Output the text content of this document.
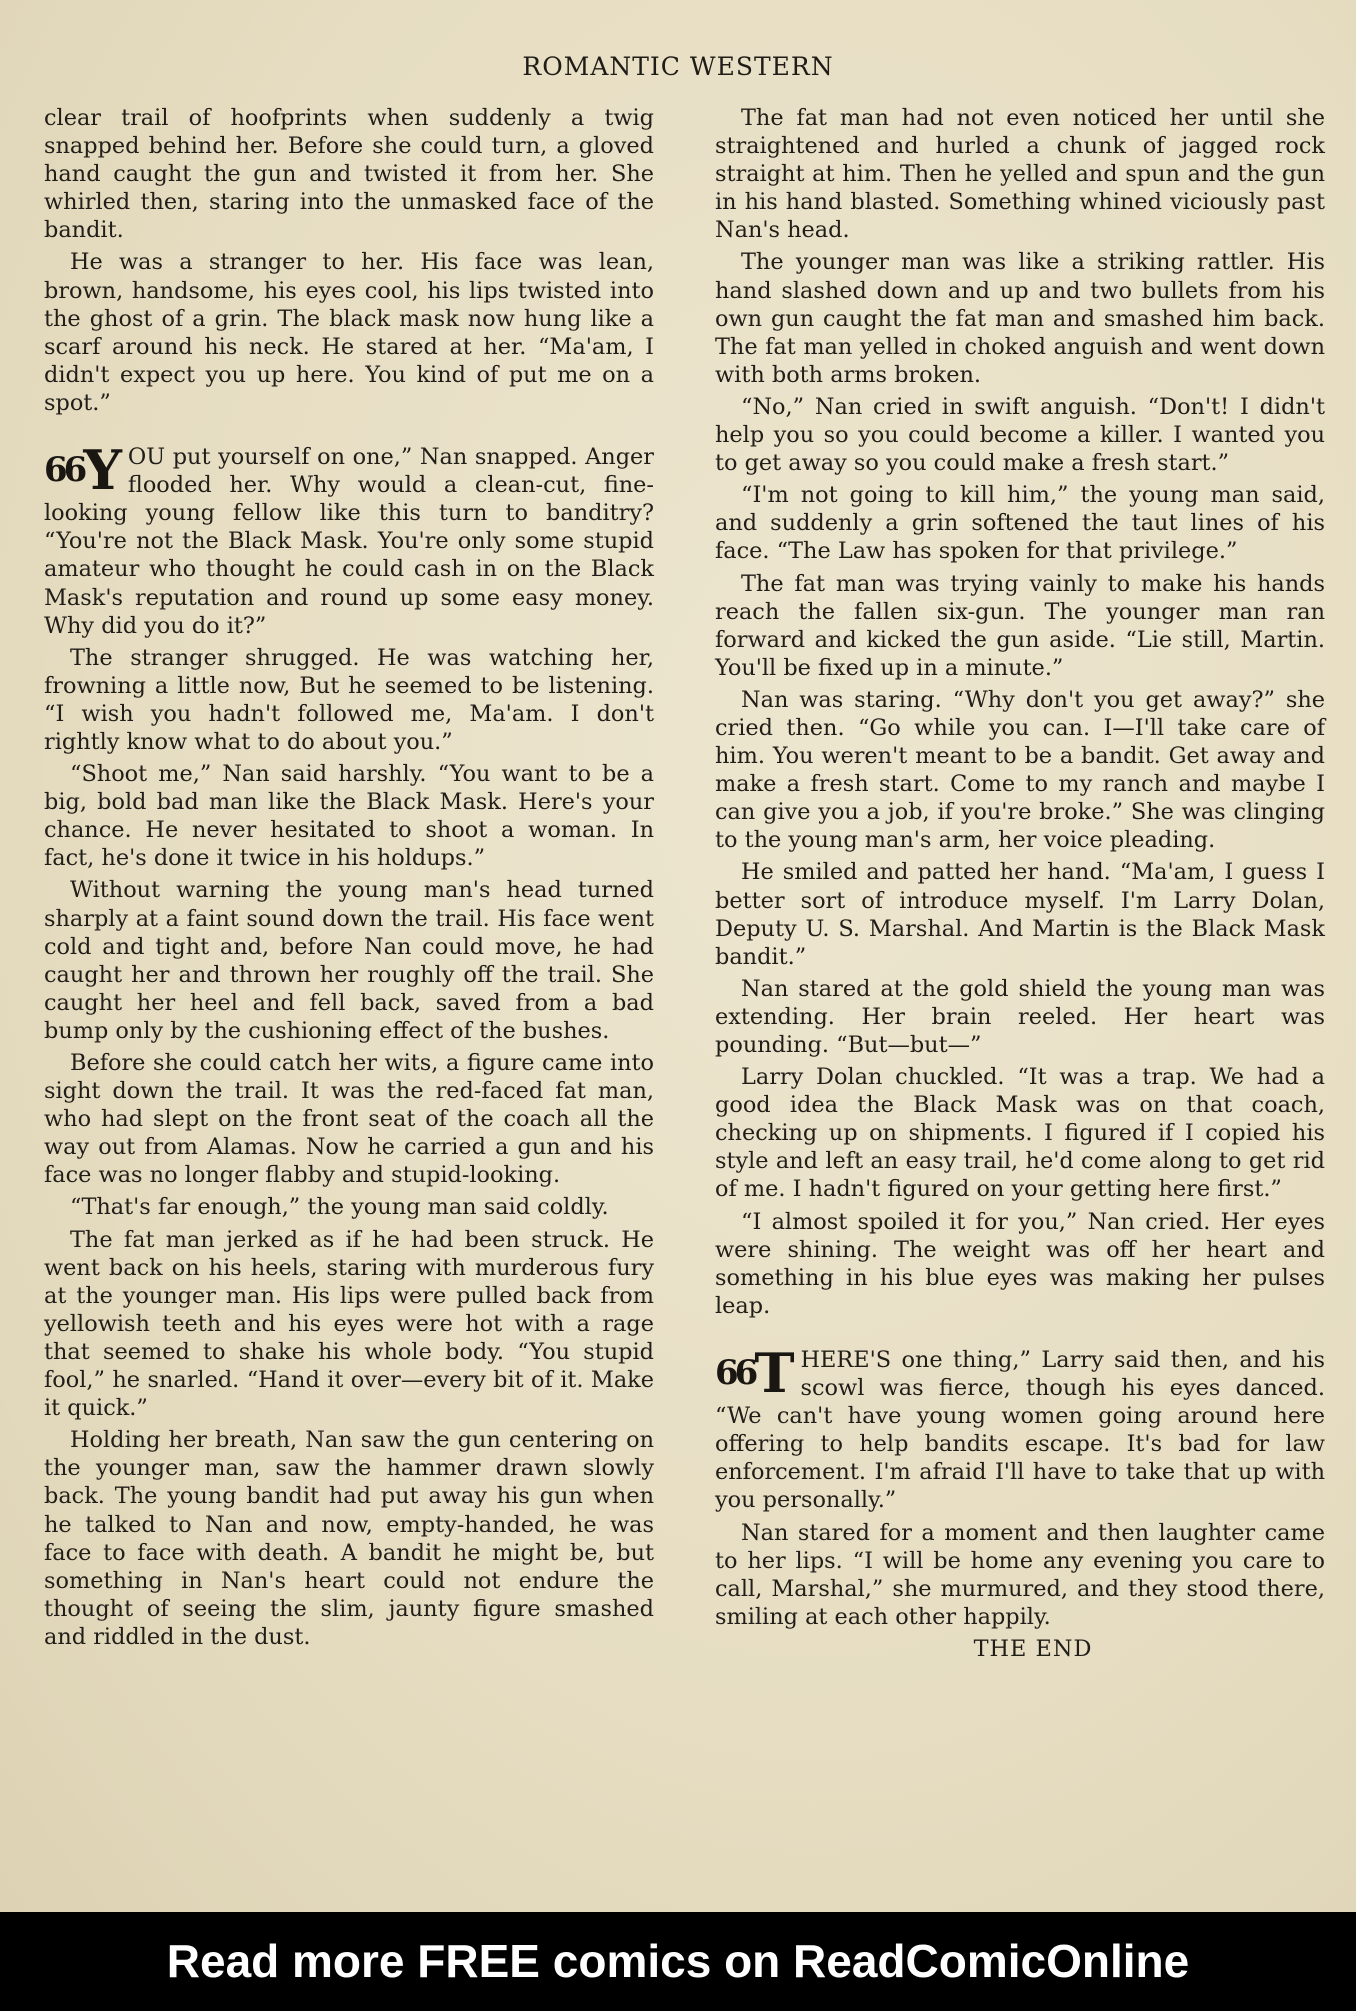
ROMANTIC WESTERN

clear trail of hoofprints when suddenly a twig snapped behind her. Before she could turn, a gloved hand caught the gun and twisted it from her. She whirled then, staring into the unmasked face of the bandit.

He was a stranger to her. His face was lean, brown, handsome, his eyes cool, his lips twisted into the ghost of a grin. The black mask now hung like a scarf around his neck. He stared at her. “Ma'am, I didn't expect you up here. You kind of put me on a spot.”

$^{66}$Y OU put yourself on one,” Nan snapped. Anger flooded her. Why would a clean-cut, fine-looking young fellow like this turn to banditry? “You're not the Black Mask. You're only some stupid amateur who thought he could cash in on the Black Mask's reputation and round up some easy money. Why did you do it?”

The stranger shrugged. He was watching her, frowning a little now, But he seemed to be listening. “I wish you hadn't followed me, Ma'am. I don't rightly know what to do about you.”

“Shoot me,” Nan said harshly. “You want to be a big, bold bad man like the Black Mask. Here's your chance. He never hesitated to shoot a woman. In fact, he's done it twice in his holdups.”

Without warning the young man's head turned sharply at a faint sound down the trail. His face went cold and tight and, before Nan could move, he had caught her and thrown her roughly off the trail. She caught her heel and fell back, saved from a bad bump only by the cushioning effect of the bushes.

Before she could catch her wits, a figure came into sight down the trail. It was the red-faced fat man, who had slept on the front seat of the coach all the way out from Alamas. Now he carried a gun and his face was no longer flabby and stupid-looking.

“That's far enough,” the young man said coldly.

The fat man jerked as if he had been struck. He went back on his heels, staring with murderous fury at the younger man. His lips were pulled back from yellowish teeth and his eyes were hot with a rage that seemed to shake his whole body. “You stupid fool,” he snarled. “Hand it over—every bit of it. Make it quick.”

Holding her breath, Nan saw the gun centering on the younger man, saw the hammer drawn slowly back. The young bandit had put away his gun when he talked to Nan and now, empty-handed, he was face to face with death. A bandit he might be, but something in Nan's heart could not endure the thought of seeing the slim, jaunty figure smashed and riddled in the dust.

The fat man had not even noticed her until she straightened and hurled a chunk of jagged rock straight at him. Then he yelled and spun and the gun in his hand blasted. Something whined viciously past Nan's head.

The younger man was like a striking rattler. His hand slashed down and up and two bullets from his own gun caught the fat man and smashed him back. The fat man yelled in choked anguish and went down with both arms broken.

“No,” Nan cried in swift anguish. “Don't! I didn't help you so you could become a killer. I wanted you to get away so you could make a fresh start.”

“I'm not going to kill him,” the young man said, and suddenly a grin softened the taut lines of his face. “The Law has spoken for that privilege.”

The fat man was trying vainly to make his hands reach the fallen six-gun. The younger man ran forward and kicked the gun aside. “Lie still, Martin. You'll be fixed up in a minute.”

Nan was staring. “Why don't you get away?” she cried then. “Go while you can. I—I'll take care of him. You weren't meant to be a bandit. Get away and make a fresh start. Come to my ranch and maybe I can give you a job, if you're broke.” She was clinging to the young man's arm, her voice pleading.

He smiled and patted her hand. “Ma'am, I guess I better sort of introduce myself. I'm Larry Dolan, Deputy U. S. Marshal. And Martin is the Black Mask bandit.”

Nan stared at the gold shield the young man was extending. Her brain reeled. Her heart was pounding. “But—but—”

Larry Dolan chuckled. “It was a trap. We had a good idea the Black Mask was on that coach, checking up on shipments. I figured if I copied his style and left an easy trail, he'd come along to get rid of me. I hadn't figured on your getting here first.”

“I almost spoiled it for you,” Nan cried. Her eyes were shining. The weight was off her heart and something in his blue eyes was making her pulses leap.

$^{66}$T HERE'S one thing,” Larry said then, and his scowl was fierce, though his eyes danced. “We can't have young women going around here offering to help bandits escape. It's bad for law enforcement. I'm afraid I'll have to take that up with you personally.”

Nan stared for a moment and then laughter came to her lips. “I will be home any evening you care to call, Marshal,” she murmured, and they stood there, smiling at each other happily.

THE END

Read more FREE comics on ReadComicOnline
